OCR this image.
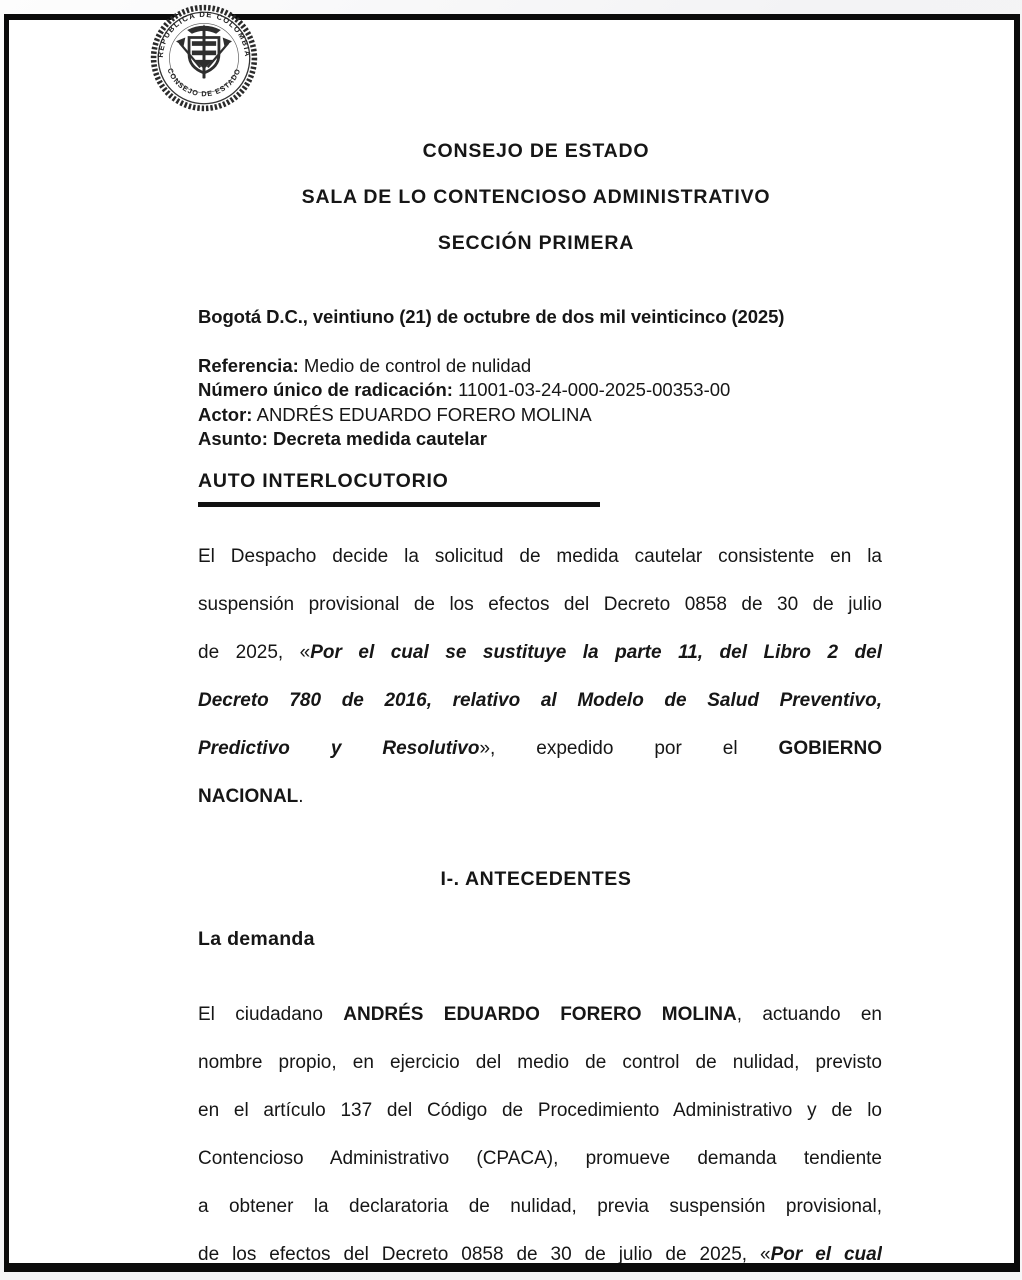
CONSEJO DE ESTADO
SALA DE LO CONTENCIOSO ADMINISTRATIVO
SECCIÓN PRIMERA
Bogotá D.C., veintiuno (21) de octubre de dos mil veinticinco (2025)
Referencia: Medio de control de nulidad
Número único de radicación: 11001-03-24-000-2025-00353-00
Actor: ANDRÉS EDUARDO FORERO MOLINA
Asunto: Decreta medida cautelar
AUTO INTERLOCUTORIO
El Despacho decide la solicitud de medida cautelar consistente en la
suspensión provisional de los efectos del Decreto 0858 de 30 de julio
de 2025, «Por el cual se sustituye la parte 11, del Libro 2 del
Decreto 780 de 2016, relativo al Modelo de Salud Preventivo,
Predictivo y Resolutivo», expedido por el GOBIERNO
NACIONAL.
I-. ANTECEDENTES
La demanda
El ciudadano ANDRÉS EDUARDO FORERO MOLINA, actuando en
nombre propio, en ejercicio del medio de control de nulidad, previsto
en el artículo 137 del Código de Procedimiento Administrativo y de lo
Contencioso Administrativo (CPACA), promueve demanda tendiente
a obtener la declaratoria de nulidad, previa suspensión provisional,
de los efectos del Decreto 0858 de 30 de julio de 2025, «Por el cual
REPUBLICA DE COLOMBIA
CONSEJO DE ESTADO
